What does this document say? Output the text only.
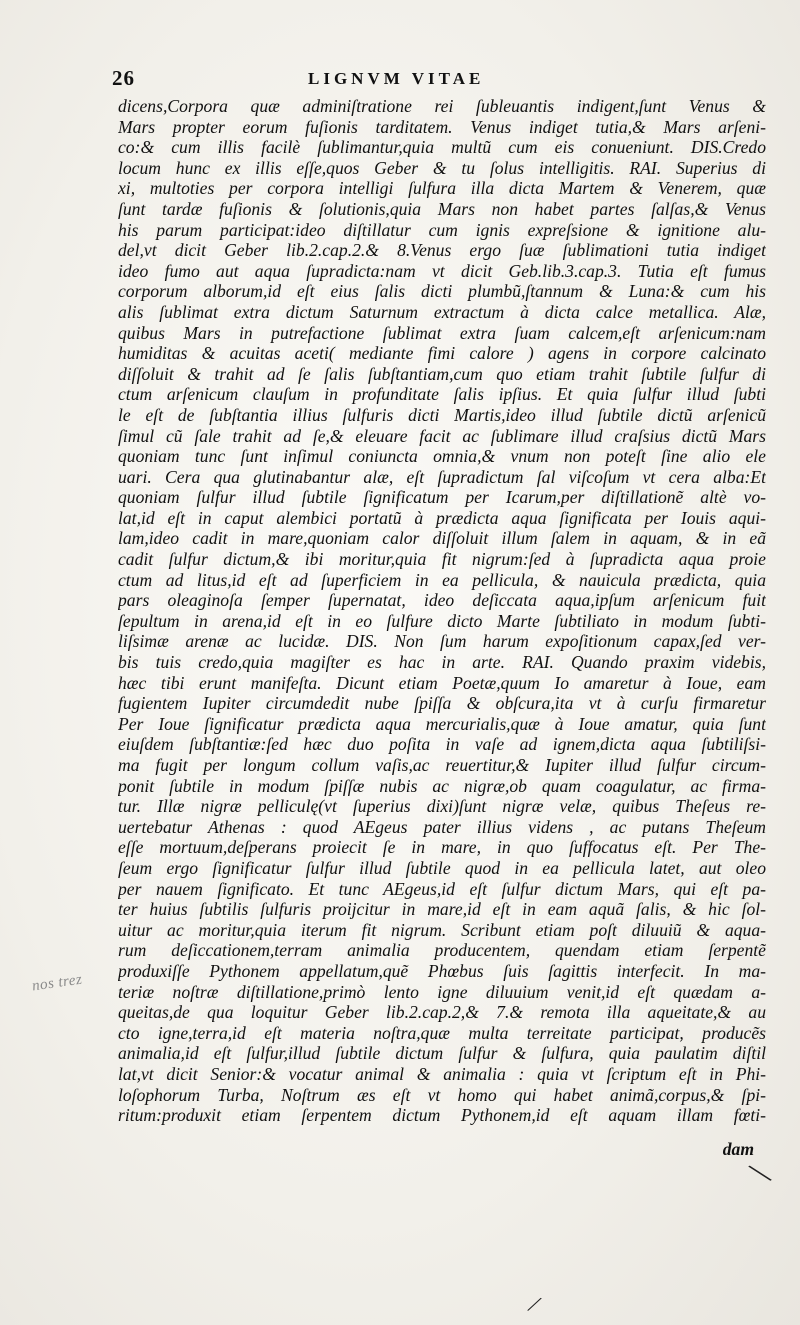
26	LIGNVM VITAE
dicens,Corpora quæ adminiſtratione rei ſubleuantis indigent,ſunt Venus &
Mars propter eorum fuſionis tarditatem. Venus indiget tutia,& Mars arſeni-
co:& cum illis facilè ſublimantur,quia multũ cum eis conueniunt. DIS.Credo
locum hunc ex illis eſſe,quos Geber & tu ſolus intelligitis. RAI. Superius di
xi, multoties per corpora intelligi ſulfura illa dicta Martem & Venerem, quæ
ſunt tardæ fuſionis & ſolutionis,quia Mars non habet partes ſalſas,& Venus
his parum participat:ideo diſtillatur cum ignis expreſsione & ignitione alu-
del,vt dicit Geber lib.2.cap.2.& 8.Venus ergo ſuæ ſublimationi tutia indiget
ideo fumo aut aqua ſupradicta:nam vt dicit Geb.lib.3.cap.3. Tutia eſt fumus
corporum alborum,id eſt eius ſalis dicti plumbũ,ſtannum & Luna:& cum his
alis ſublimat extra dictum Saturnum extractum à dicta calce metallica. Alæ,
quibus Mars in putrefactione ſublimat extra ſuam calcem,eſt arſenicum:nam
humiditas & acuitas aceti( mediante fimi calore ) agens in corpore calcinato
diſſoluit & trahit ad ſe ſalis ſubſtantiam,cum quo etiam trahit ſubtile ſulfur di
ctum arſenicum clauſum in profunditate ſalis ipſius. Et quia ſulfur illud ſubti
le eſt de ſubſtantia illius ſulfuris dicti Martis,ideo illud ſubtile dictũ arſenicũ
ſimul cũ ſale trahit ad ſe,& eleuare facit ac ſublimare illud craſsius dictũ Mars
quoniam tunc ſunt inſimul coniuncta omnia,& vnum non poteſt ſine alio ele
uari. Cera qua glutinabantur alæ, eſt ſupradictum ſal viſcoſum vt cera alba:Et
quoniam ſulfur illud ſubtile ſignificatum per Icarum,per diſtillationẽ altè vo-
lat,id eſt in caput alembici portatũ à prædicta aqua ſignificata per Iouis aqui-
lam,ideo cadit in mare,quoniam calor diſſoluit illum ſalem in aquam, & in eã
cadit ſulfur dictum,& ibi moritur,quia fit nigrum:ſed à ſupradicta aqua proie
ctum ad litus,id eſt ad ſuperficiem in ea pellicula, & nauicula prædicta, quia
pars oleaginoſa ſemper ſupernatat, ideo deſiccata aqua,ipſum arſenicum fuit
ſepultum in arena,id eſt in eo ſulfure dicto Marte ſubtiliato in modum ſubti-
liſsimæ arenæ ac lucidæ. DIS. Non ſum harum expoſitionum capax,ſed ver-
bis tuis credo,quia magiſter es hac in arte. RAI. Quando praxim videbis,
hæc tibi erunt manifeſta. Dicunt etiam Poetæ,quum Io amaretur à Ioue, eam
fugientem Iupiter circumdedit nube ſpiſſa & obſcura,ita vt à curſu firmaretur
Per Ioue ſignificatur prædicta aqua mercurialis,quæ à Ioue amatur, quia ſunt
eiuſdem ſubſtantiæ:ſed hæc duo poſita in vaſe ad ignem,dicta aqua ſubtiliſsi-
ma fugit per longum collum vaſis,ac reuertitur,& Iupiter illud ſulfur circum-
ponit ſubtile in modum ſpiſſæ nubis ac nigræ,ob quam coagulatur, ac firma-
tur. Illæ nigræ pelliculę(vt ſuperius dixi)ſunt nigræ velæ, quibus Theſeus re-
uertebatur Athenas : quod AEgeus pater illius videns , ac putans Theſeum
eſſe mortuum,deſperans proiecit ſe in mare, in quo ſuffocatus eſt. Per The-
ſeum ergo ſignificatur ſulfur illud ſubtile quod in ea pellicula latet, aut oleo
per nauem ſignificato. Et tunc AEgeus,id eſt ſulfur dictum Mars, qui eſt pa-
ter huius ſubtilis ſulfuris proijcitur in mare,id eſt in eam aquã ſalis, & hic ſol-
uitur ac moritur,quia iterum fit nigrum. Scribunt etiam poſt diluuiũ & aqua-
rum deſiccationem,terram animalia producentem, quendam etiam ſerpentẽ
produxiſſe Pythonem appellatum,quẽ Phœbus ſuis ſagittis interfecit. In ma-
teriæ noſtræ diſtillatione,primò lento igne diluuium venit,id eſt quædam a-
queitas,de qua loquitur Geber lib.2.cap.2,& 7.& remota illa aqueitate,& au
cto igne,terra,id eſt materia noſtra,quæ multa terreitate participat, producẽs
animalia,id eſt ſulfur,illud ſubtile dictum ſulfur & ſulfura, quia paulatim diſtil
lat,vt dicit Senior:& vocatur animal & animalia : quia vt ſcriptum eſt in Phi-
loſophorum Turba, Noſtrum æs eſt vt homo qui habet animã,corpus,& ſpi-
ritum:produxit etiam ſerpentem dictum Pythonem,id eſt aquam illam fœti-
nos trez
dam
╲
╱
